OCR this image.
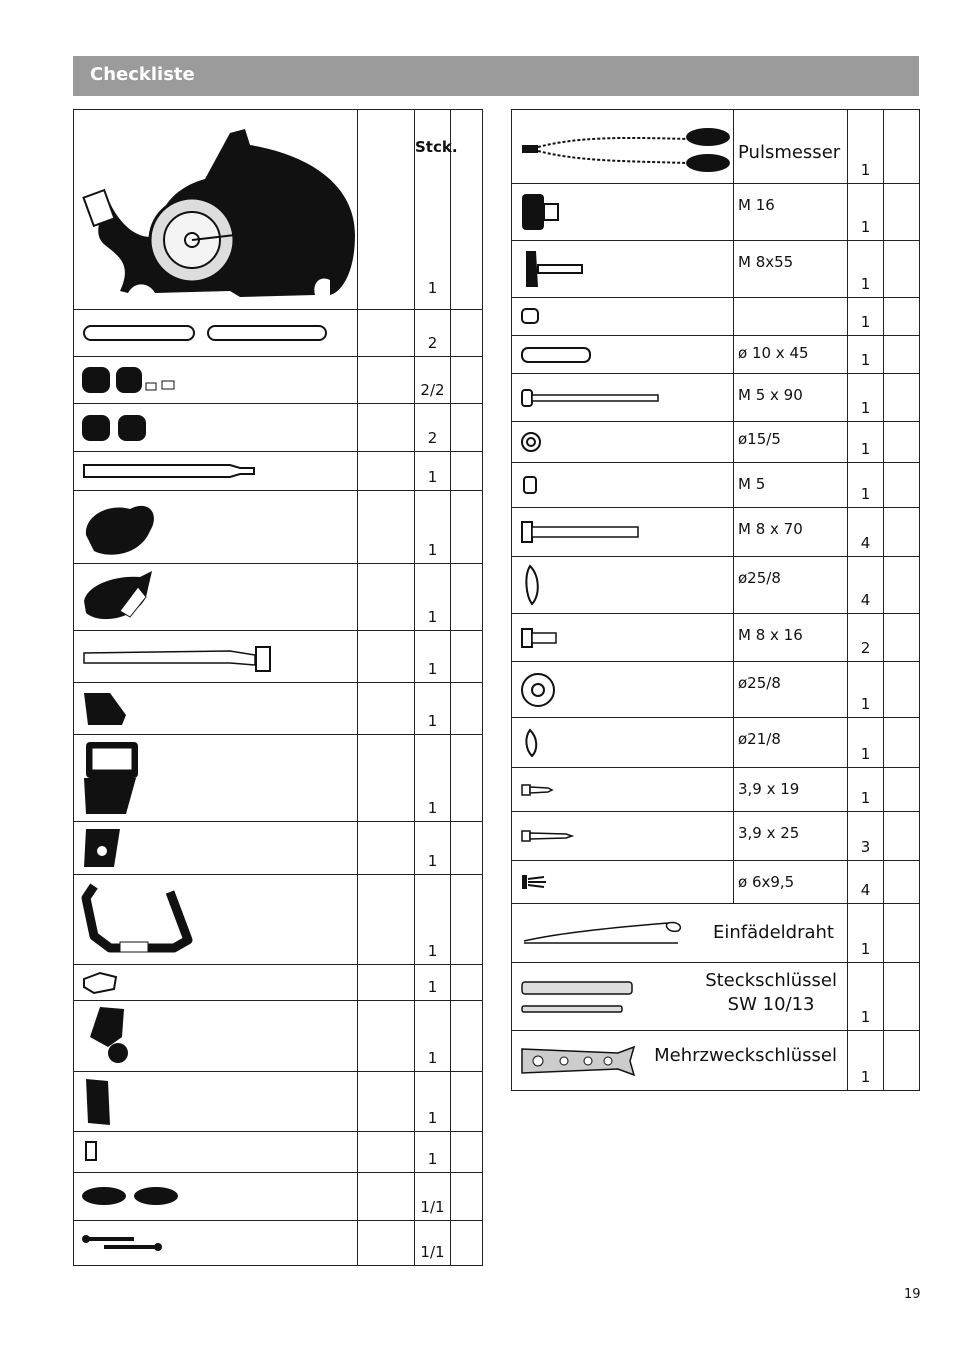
Checkliste

Stck.
1	

		2	

		2/2	

		2	

		1	

		1	

		1	

		1	

		1	

		1	

		1	

		1	

		1	

		1	

		1	

		1	

		1/1	

		1/1	
	Pulsmesser	1	

	M 16	1	

	M 8x55	1	

		1	

	ø 10 x 45	1	

	M 5 x 90	1	

	ø15/5	1	

	M 5	1	

	M 8 x 70	4	

	ø25/8	4	

	M 8 x 16	2	

	ø25/8	1	

	ø21/8	1	

	3,9 x 19	1	

	3,9 x 25	3	

	ø 6x9,5	4	

Einfädeldraht		1	

Steckschlüssel
SW 10/13		1	

Mehrzweckschlüssel		1	
19
